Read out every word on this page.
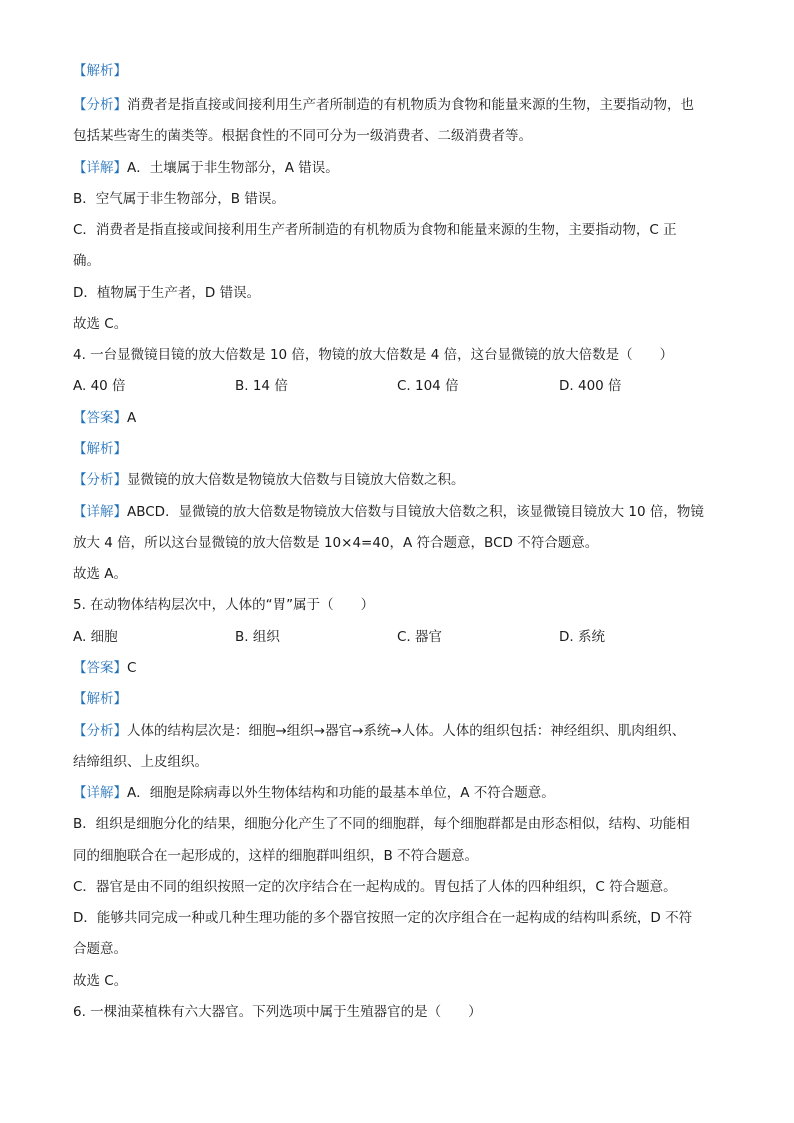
【解析】
【分析】消费者是指直接或间接利用生产者所制造的有机物质为食物和能量来源的生物，主要指动物，也
包括某些寄生的菌类等。根据食性的不同可分为一级消费者、二级消费者等。
【详解】A．土壤属于非生物部分，A 错误。
B．空气属于非生物部分，B 错误。
C．消费者是指直接或间接利用生产者所制造的有机物质为食物和能量来源的生物，主要指动物，C 正
确。
D．植物属于生产者，D 错误。
故选 C。
4. 一台显微镜目镜的放大倍数是 10 倍，物镜的放大倍数是 4 倍，这台显微镜的放大倍数是（　　）
A. 40 倍	B. 14 倍	C. 104 倍	D. 400 倍
【答案】A
【解析】
【分析】显微镜的放大倍数是物镜放大倍数与目镜放大倍数之积。
【详解】ABCD．显微镜的放大倍数是物镜放大倍数与目镜放大倍数之积，该显微镜目镜放大 10 倍，物镜
放大 4 倍，所以这台显微镜的放大倍数是 10×4=40，A 符合题意，BCD 不符合题意。
故选 A。
5. 在动物体结构层次中，人体的“胃”属于（　　）
A. 细胞	B. 组织	C. 器官	D. 系统
【答案】C
【解析】
【分析】人体的结构层次是：细胞→组织→器官→系统→人体。人体的组织包括：神经组织、肌肉组织、
结缔组织、上皮组织。
【详解】A．细胞是除病毒以外生物体结构和功能的最基本单位，A 不符合题意。
B．组织是细胞分化的结果，细胞分化产生了不同的细胞群，每个细胞群都是由形态相似，结构、功能相
同的细胞联合在一起形成的，这样的细胞群叫组织，B 不符合题意。
C．器官是由不同的组织按照一定的次序结合在一起构成的。胃包括了人体的四种组织，C 符合题意。
D．能够共同完成一种或几种生理功能的多个器官按照一定的次序组合在一起构成的结构叫系统，D 不符
合题意。
故选 C。
6. 一棵油菜植株有六大器官。下列选项中属于生殖器官的是（　　）
